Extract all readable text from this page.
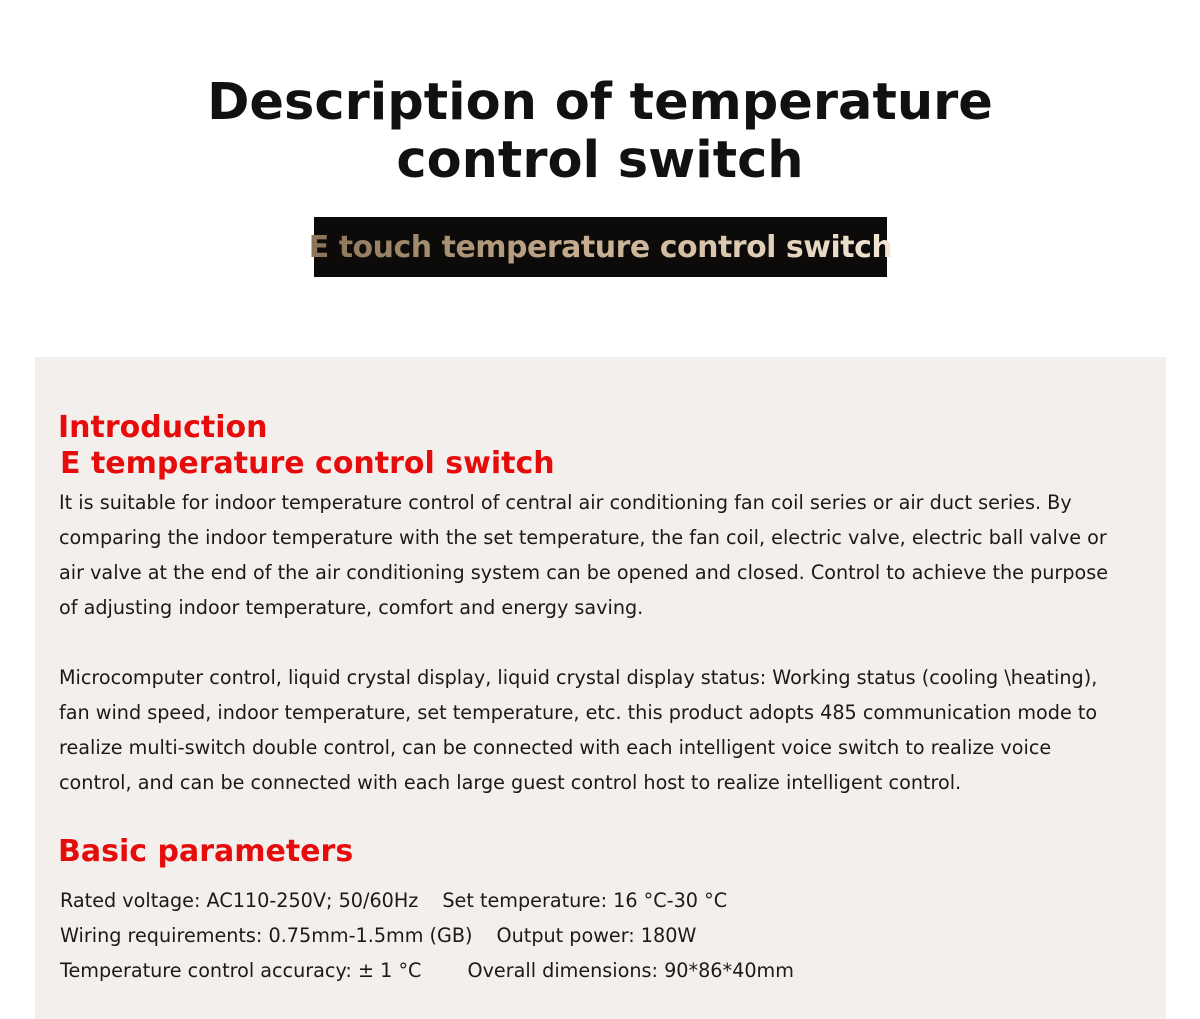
Description of temperature
control switch
E touch temperature control switch
Introduction
E temperature control switch

It is suitable for indoor temperature control of central air conditioning fan coil series or air duct series. By comparing the indoor temperature with the set temperature, the fan coil, electric valve, electric ball valve or air valve at the end of the air conditioning system can be opened and closed. Control to achieve the purpose of adjusting indoor temperature, comfort and energy saving.

Microcomputer control, liquid crystal display, liquid crystal display status: Working status (cooling \heating), fan wind speed, indoor temperature, set temperature, etc. this product adopts 485 communication mode to realize multi-switch double control, can be connected with each intelligent voice switch to realize voice control, and can be connected with each large guest control host to realize intelligent control.

Basic parameters
Rated voltage: AC110-250V; 50/60Hz Set temperature: 16 °C-30 °C
Wiring requirements: 0.75mm-1.5mm (GB) Output power: 180W
Temperature control accuracy: ± 1 °C Overall dimensions: 90*86*40mm
